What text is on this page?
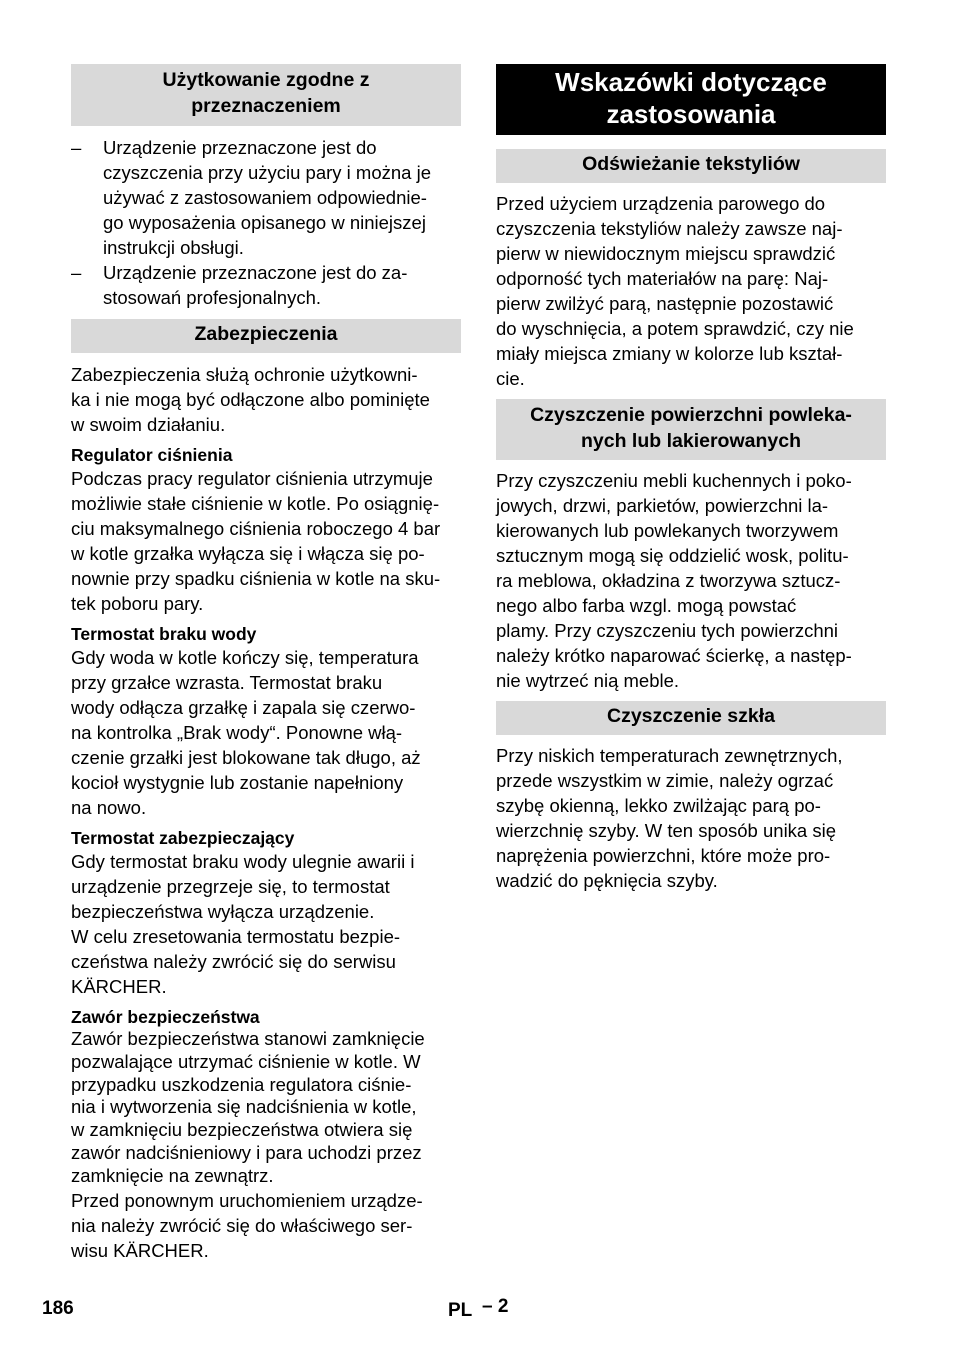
Użytkowanie zgodne z
przeznaczeniem
–	Urządzenie przeznaczone jest do
czyszczenia przy użyciu pary i można je
używać z zastosowaniem odpowiednie-
go wyposażenia opisanego w niniejszej
instrukcji obsługi.
–	Urządzenie przeznaczone jest do za-
stosowań profesjonalnych.
Zabezpieczenia

Zabezpieczenia służą ochronie użytkowni-
ka i nie mogą być odłączone albo pominięte
w swoim działaniu.

Regulator ciśnienia

Podczas pracy regulator ciśnienia utrzymuje
możliwie stałe ciśnienie w kotle. Po osiągnię-
ciu maksymalnego ciśnienia roboczego 4 bar
w kotle grzałka wyłącza się i włącza się po-
nownie przy spadku ciśnienia w kotle na sku-
tek poboru pary.

Termostat braku wody

Gdy woda w kotle kończy się, temperatura
przy grzałce wzrasta. Termostat braku
wody odłącza grzałkę i zapala się czerwo-
na kontrolka „Brak wody“. Ponowne włą-
czenie grzałki jest blokowane tak długo, aż
kocioł wystygnie lub zostanie napełniony
na nowo.

Termostat zabezpieczający

Gdy termostat braku wody ulegnie awarii i
urządzenie przegrzeje się, to termostat
bezpieczeństwa wyłącza urządzenie.
W celu zresetowania termostatu bezpie-
czeństwa należy zwrócić się do serwisu
KÄRCHER.

Zawór bezpieczeństwa

Zawór bezpieczeństwa stanowi zamknięcie
pozwalające utrzymać ciśnienie w kotle. W
przypadku uszkodzenia regulatora ciśnie-
nia i wytworzenia się nadciśnienia w kotle,
w zamknięciu bezpieczeństwa otwiera się
zawór nadciśnieniowy i para uchodzi przez
zamknięcie na zewnątrz.

Przed ponownym uruchomieniem urządze-
nia należy zwrócić się do właściwego ser-
wisu KÄRCHER.

Wskazówki dotyczące
zastosowania
Odświeżanie tekstyliów

Przed użyciem urządzenia parowego do
czyszczenia tekstyliów należy zawsze naj-
pierw w niewidocznym miejscu sprawdzić
odporność tych materiałów na parę: Naj-
pierw zwilżyć parą, następnie pozostawić
do wyschnięcia, a potem sprawdzić, czy nie
miały miejsca zmiany w kolorze lub kształ-
cie.

Czyszczenie powierzchni powleka-
nych lub lakierowanych

Przy czyszczeniu mebli kuchennych i poko-
jowych, drzwi, parkietów, powierzchni la-
kierowanych lub powlekanych tworzywem
sztucznym mogą się oddzielić wosk, politu-
ra meblowa, okładzina z tworzywa sztucz-
nego albo farba wzgl. mogą powstać
plamy. Przy czyszczeniu tych powierzchni
należy krótko naparować ścierkę, a następ-
nie wytrzeć nią meble.

Czyszczenie szkła

Przy niskich temperaturach zewnętrznych,
przede wszystkim w zimie, należy ogrzać
szybę okienną, lekko zwilżając parą po-
wierzchnię szyby. W ten sposób unika się
naprężenia powierzchni, które może pro-
wadzić do pęknięcia szyby.

186	PL – 2
